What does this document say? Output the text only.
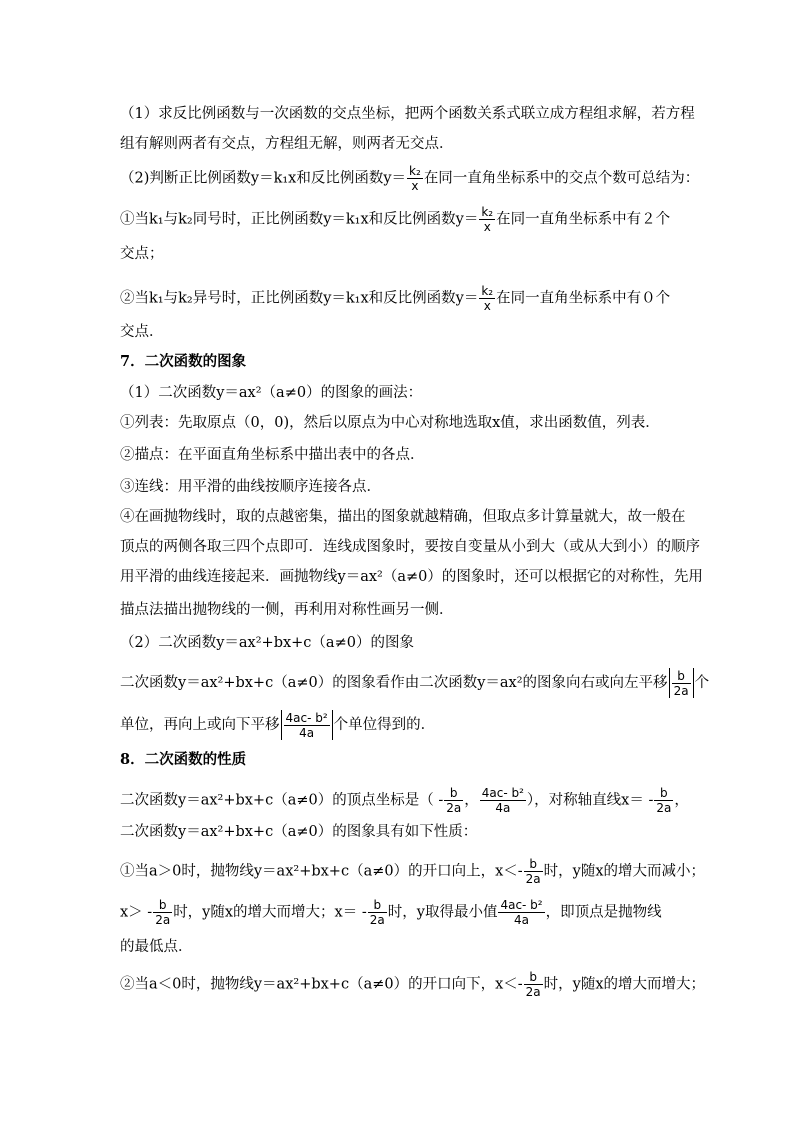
（1）求反比例函数与一次函数的交点坐标，把两个函数关系式联立成方程组求解，若方程
组有解则两者有交点，方程组无解，则两者无交点．
（2)判断正比例函数y＝k₁x和反比例函数$y= \frac{\text{k₂}}{x}$ 在同一直角坐标系中的交点个数可总结为：
①当k₁与k₂同号时，正比例函数y＝k₁x和反比例函数$y= \frac{\text{k₂}}{x}$ 在同一直角坐标系中有２个
交点；
②当k₁与k₂异号时，正比例函数y＝k₁x和反比例函数$y= \frac{\text{k₂}}{x}$ 在同一直角坐标系中有０个
交点．
7．二次函数的图象
（1）二次函数y＝ax²（a≠0）的图象的画法：
①列表：先取原点（0，0)，然后以原点为中心对称地选取x值，求出函数值，列表．
②描点：在平面直角坐标系中描出表中的各点．
③连线：用平滑的曲线按顺序连接各点．
④在画抛物线时，取的点越密集，描出的图象就越精确，但取点多计算量就大，故一般在
顶点的两侧各取三四个点即可．连线成图象时，要按自变量从小到大（或从大到小）的顺序
用平滑的曲线连接起来．画抛物线y＝ax²（a≠0）的图象时，还可以根据它的对称性，先用
描点法描出抛物线的一侧，再利用对称性画另一侧．
（2）二次函数y＝ax²+bx+c（a≠0）的图象
二次函数y＝ax²+bx+c（a≠0）的图象看作由二次函数y＝ax²的图象向右或向左平移 $\frac{b}{2a}$ 个
单位，再向上或向下平移 $\frac{\text{4ac- b²}}{4a}$ 个单位得到的．
8．二次函数的性质
二次函数y＝ax²+bx+c（a≠0）的顶点坐标是（ - $\frac{b}{2a}$ ， $\frac{\text{4ac- b²}}{4a}$ ），对称轴直线$x= - \frac{b}{2a}$ ，
二次函数y＝ax²+bx+c（a≠0）的图象具有如下性质：
①当a＞0时，抛物线y＝ax²+bx+c（a≠0）的开口向上，$x<- \frac{b}{2a}$ 时，y随x的增大而减小；
$x> - \frac{b}{2a}$ 时，y随x的增大而增大；$x= - \frac{b}{2a}$ 时，y取得最小值 $\frac{\text{4ac- b²}}{4a}$ ，即顶点是抛物线
的最低点．
②当a＜0时，抛物线y＝ax²+bx+c（a≠0）的开口向下，$x<- \frac{b}{2a}$ 时，y随x的增大而增大；
